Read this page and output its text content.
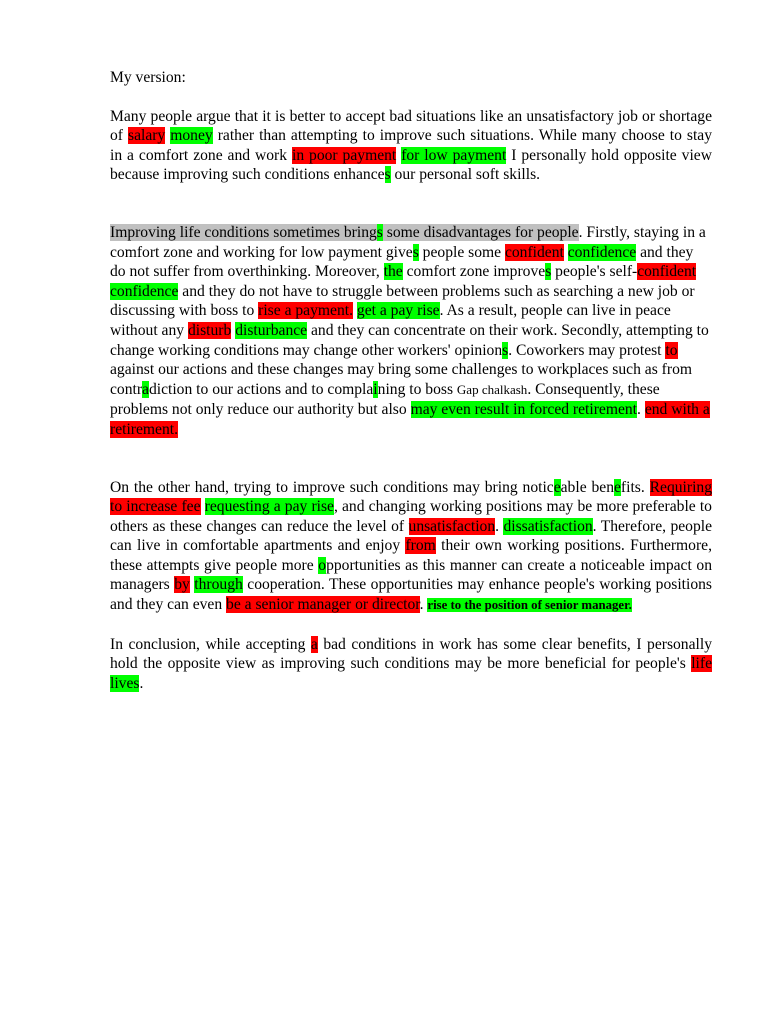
My version:

Many people argue that it is better to accept bad situations like an unsatisfactory job or shortage of salary money rather than attempting to improve such situations. While many choose to stay in a comfort zone and work in poor payment for low payment I personally hold opposite view because improving such conditions enhances our personal soft skills.

Improving life conditions sometimes brings some disadvantages for people. Firstly, staying in a comfort zone and working for low payment gives people some confident confidence and they do not suffer from overthinking. Moreover, the comfort zone improves people's self-confident confidence and they do not have to struggle between problems such as searching a new job or discussing with boss to rise a payment. get a pay rise. As a result, people can live in peace without any disturb disturbance and they can concentrate on their work. Secondly, attempting to change working conditions may change other workers' opinions. Coworkers may protest to against our actions and these changes may bring some challenges to workplaces such as from contradiction to our actions and to complaining to boss Gap chalkash. Consequently, these problems not only reduce our authority but also may even result in forced retirement. end with a retirement.

On the other hand, trying to improve such conditions may bring noticeable benefits. Requiring to increase fee requesting a pay rise, and changing working positions may be more preferable to others as these changes can reduce the level of unsatisfaction. dissatisfaction. Therefore, people can live in comfortable apartments and enjoy from their own working positions. Furthermore, these attempts give people more opportunities as this manner can create a noticeable impact on managers by through cooperation. These opportunities may enhance people's working positions and they can even be a senior manager or director. rise to the position of senior manager.

In conclusion, while accepting a bad conditions in work has some clear benefits, I personally hold the opposite view as improving such conditions may be more beneficial for people's life lives.
